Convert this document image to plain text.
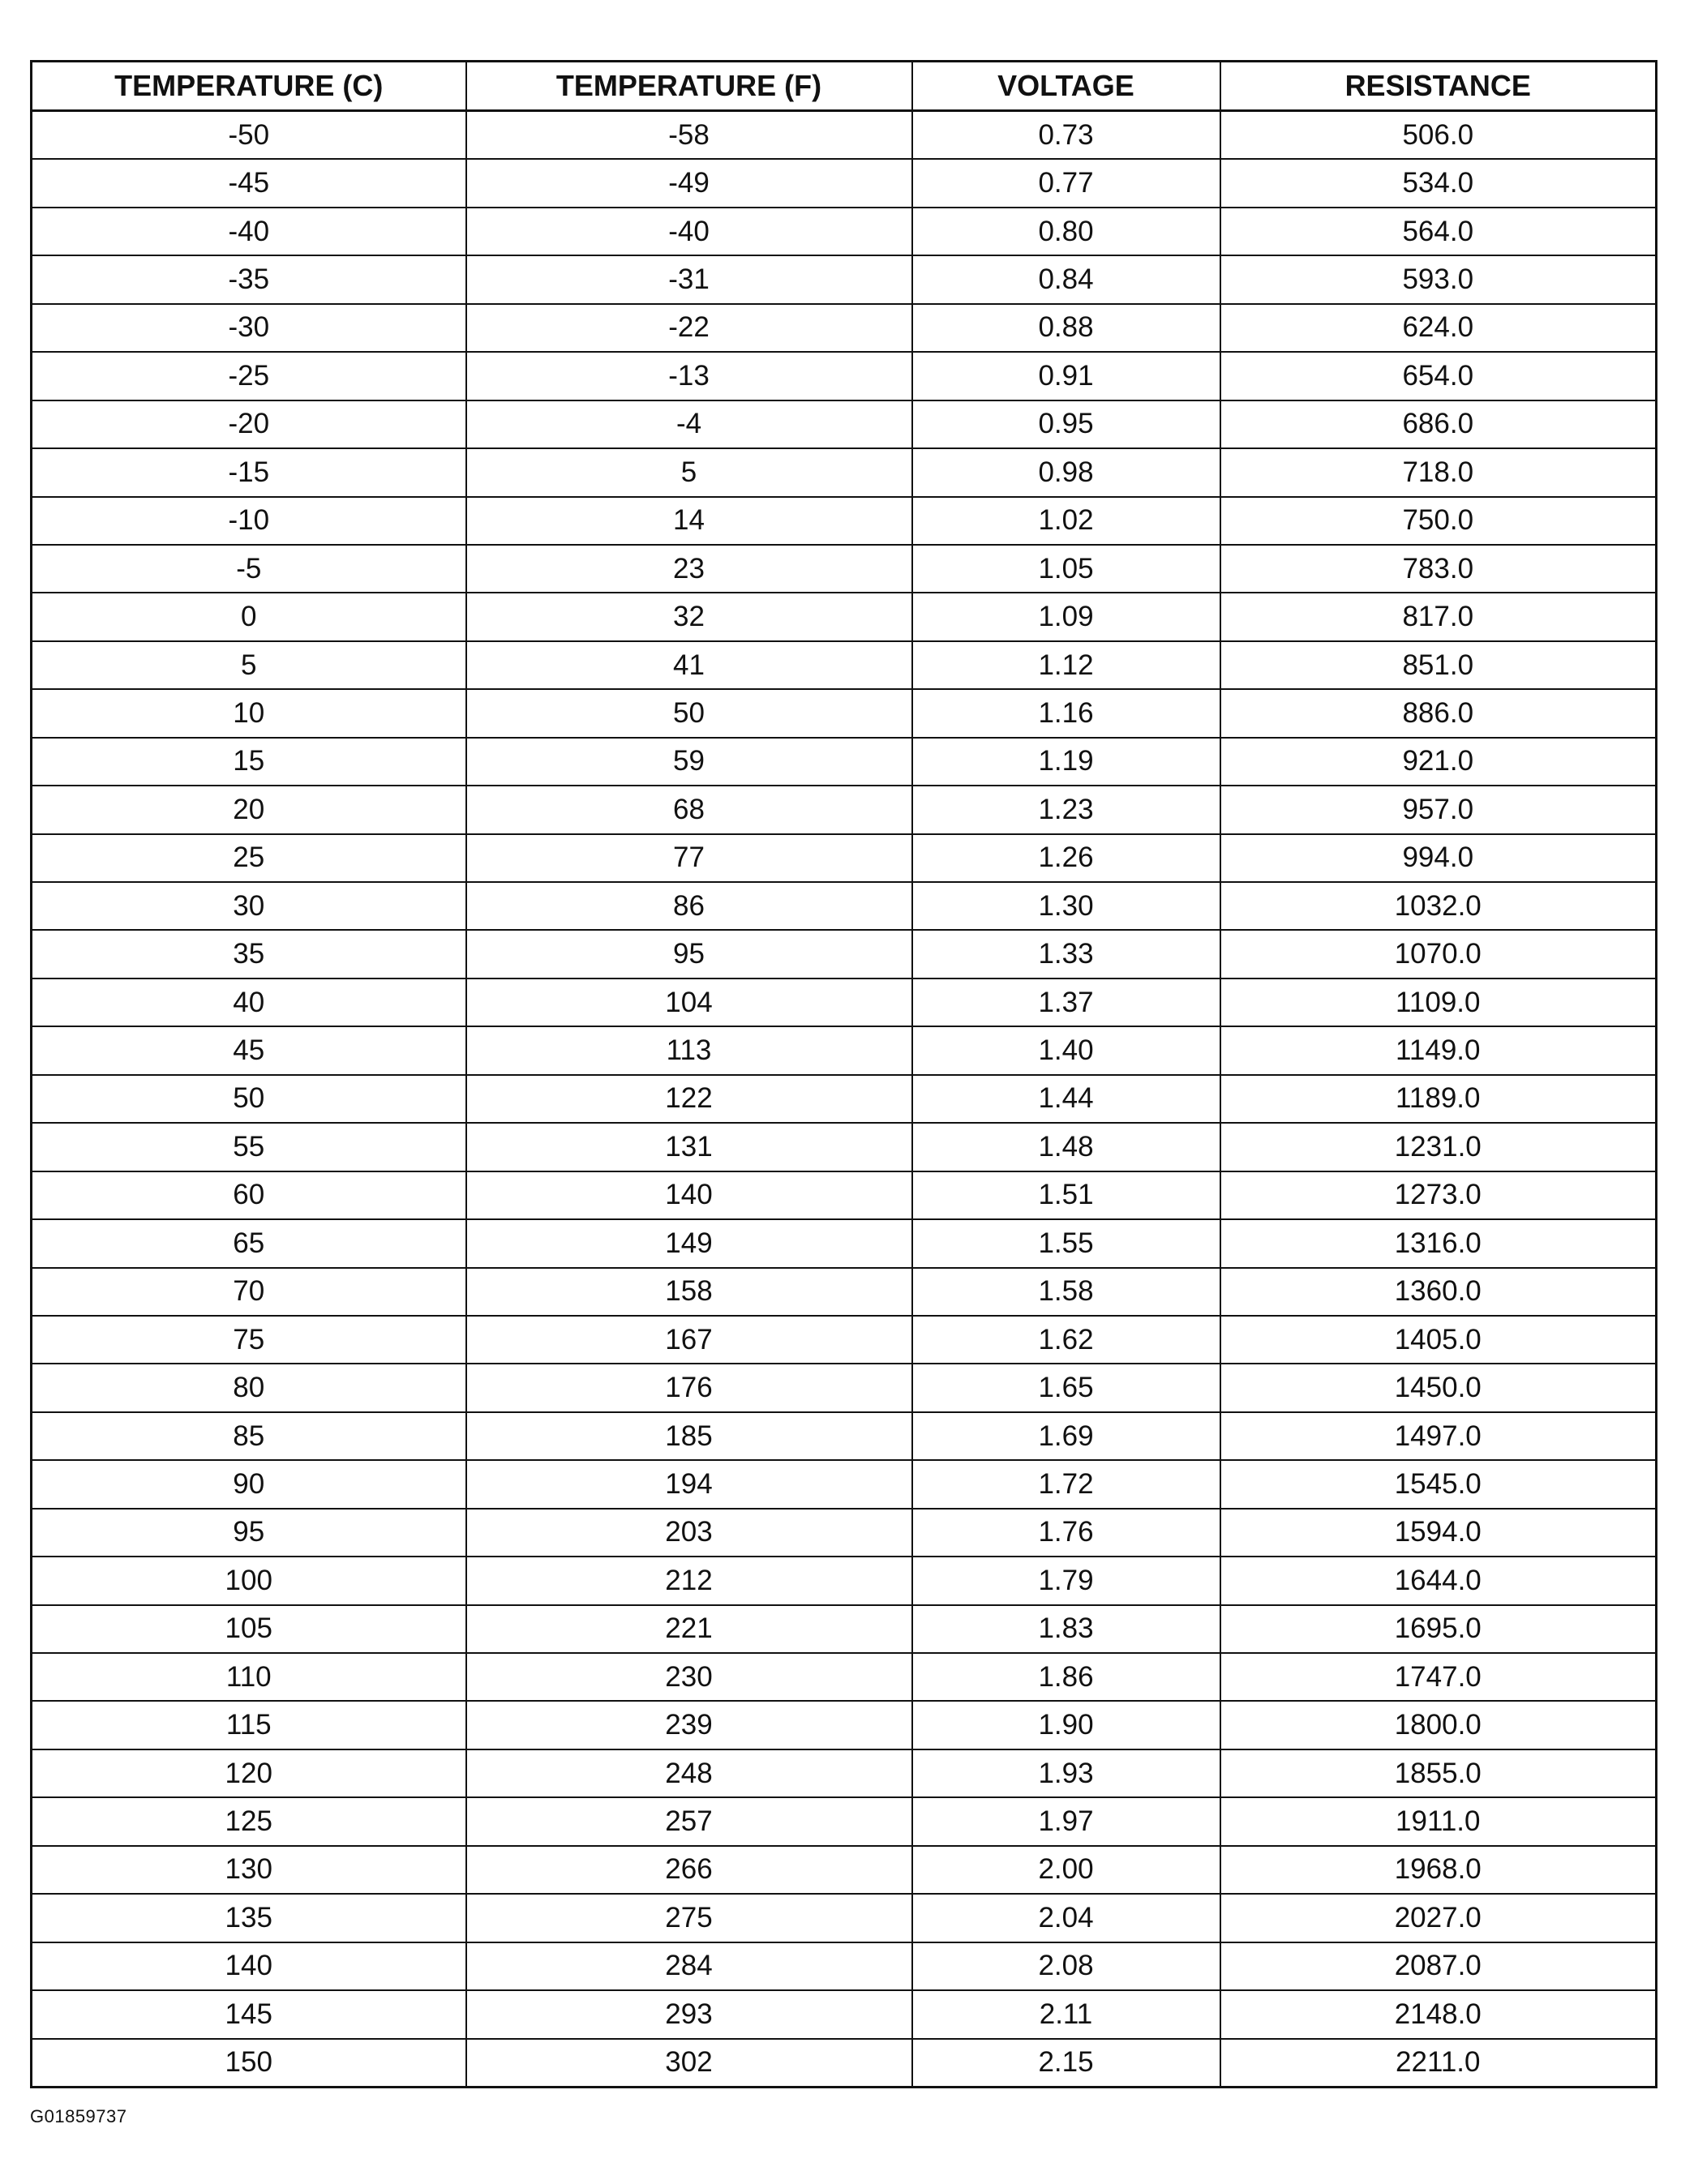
TEMPERATURE (C)	TEMPERATURE (F)	VOLTAGE	RESISTANCE
-50	-58	0.73	506.0
-45	-49	0.77	534.0
-40	-40	0.80	564.0
-35	-31	0.84	593.0
-30	-22	0.88	624.0
-25	-13	0.91	654.0
-20	-4	0.95	686.0
-15	5	0.98	718.0
-10	14	1.02	750.0
-5	23	1.05	783.0
0	32	1.09	817.0
5	41	1.12	851.0
10	50	1.16	886.0
15	59	1.19	921.0
20	68	1.23	957.0
25	77	1.26	994.0
30	86	1.30	1032.0
35	95	1.33	1070.0
40	104	1.37	1109.0
45	113	1.40	1149.0
50	122	1.44	1189.0
55	131	1.48	1231.0
60	140	1.51	1273.0
65	149	1.55	1316.0
70	158	1.58	1360.0
75	167	1.62	1405.0
80	176	1.65	1450.0
85	185	1.69	1497.0
90	194	1.72	1545.0
95	203	1.76	1594.0
100	212	1.79	1644.0
105	221	1.83	1695.0
110	230	1.86	1747.0
115	239	1.90	1800.0
120	248	1.93	1855.0
125	257	1.97	1911.0
130	266	2.00	1968.0
135	275	2.04	2027.0
140	284	2.08	2087.0
145	293	2.11	2148.0
150	302	2.15	2211.0
G01859737
